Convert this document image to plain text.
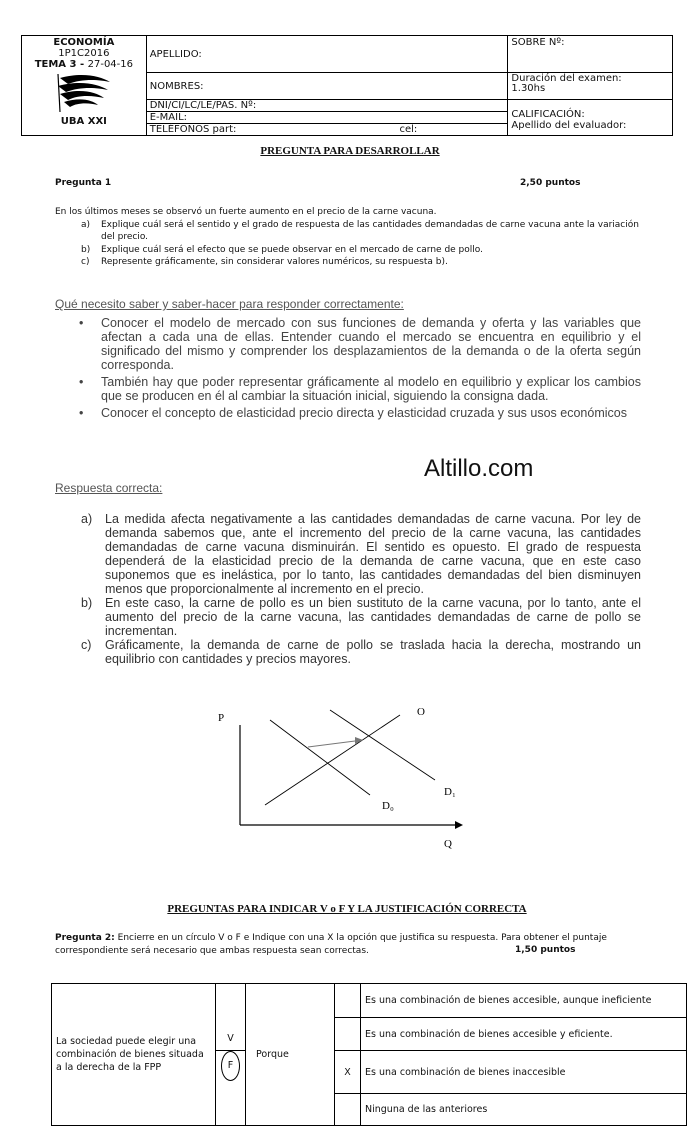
ECONOMÍA
1P1C2016
TEMA 3 - 27-04-16
UBA XXI	APELLIDO:	SOBRE Nº:
	NOMBRES:	Duración del examen:
1.30hs

	DNI/CI/LC/LE/PAS. Nº:	CALIFICACIÓN:
Apellido del evaluador:

	E-MAIL:	
	TELÉFONOS part: cel:	
PREGUNTA PARA DESARROLLAR
Pregunta 1	2,50 puntos
En los últimos meses se observó un fuerte aumento en el precio de la carne vacuna.
a) Explique cuál será el sentido y el grado de respuesta de las cantidades demandadas de carne vacuna ante la variación del precio.
b) Explique cuál será el efecto que se puede observar en el mercado de carne de pollo.
c) Represente gráficamente, sin considerar valores numéricos, su respuesta b).
Qué necesito saber y saber-hacer para responder correctamente:
• Conocer el modelo de mercado con sus funciones de demanda y oferta y las variables que afectan a cada una de ellas. Entender cuando el mercado se encuentra en equilibrio y el significado del mismo y comprender los desplazamientos de la demanda o de la oferta según corresponda.
• También hay que poder representar gráficamente al modelo en equilibrio y explicar los cambios que se producen en él al cambiar la situación inicial, siguiendo la consigna dada.
• Conocer el concepto de elasticidad precio directa y elasticidad cruzada y sus usos económicos
Altillo.com
Respuesta correcta:
a) La medida afecta negativamente a las cantidades demandadas de carne vacuna. Por ley de demanda sabemos que, ante el incremento del precio de la carne vacuna, las cantidades demandadas de carne vacuna disminuirán. El sentido es opuesto. El grado de respuesta dependerá de la elasticidad precio de la demanda de carne vacuna, que en este caso suponemos que es inelástica, por lo tanto, las cantidades demandadas del bien disminuyen menos que proporcionalmente al incremento en el precio.
b) En este caso, la carne de pollo es un bien sustituto de la carne vacuna, por lo tanto, ante el aumento del precio de la carne vacuna, las cantidades demandadas de carne de pollo se incrementan.
c) Gráficamente, la demanda de carne de pollo se traslada hacia la derecha, mostrando un equilibrio con cantidades y precios mayores.
P
Q
O
D₀
D₁
PREGUNTAS PARA INDICAR V o F Y LA JUSTIFICACIÓN CORRECTA
Pregunta 2: Encierre en un círculo V o F e Indique con una X la opción que justifica su respuesta. Para obtener el puntaje correspondiente será necesario que ambas respuesta sean correctas.	1,50 puntos
La sociedad puede elegir una combinación de bienes situada a la derecha de la FPP	V	Porque		Es una combinación de bienes accesible, aunque ineficiente
				Es una combinación de bienes accesible y eficiente.

	F		X	Es una combinación de bienes inaccesible
				Ninguna de las anteriores
